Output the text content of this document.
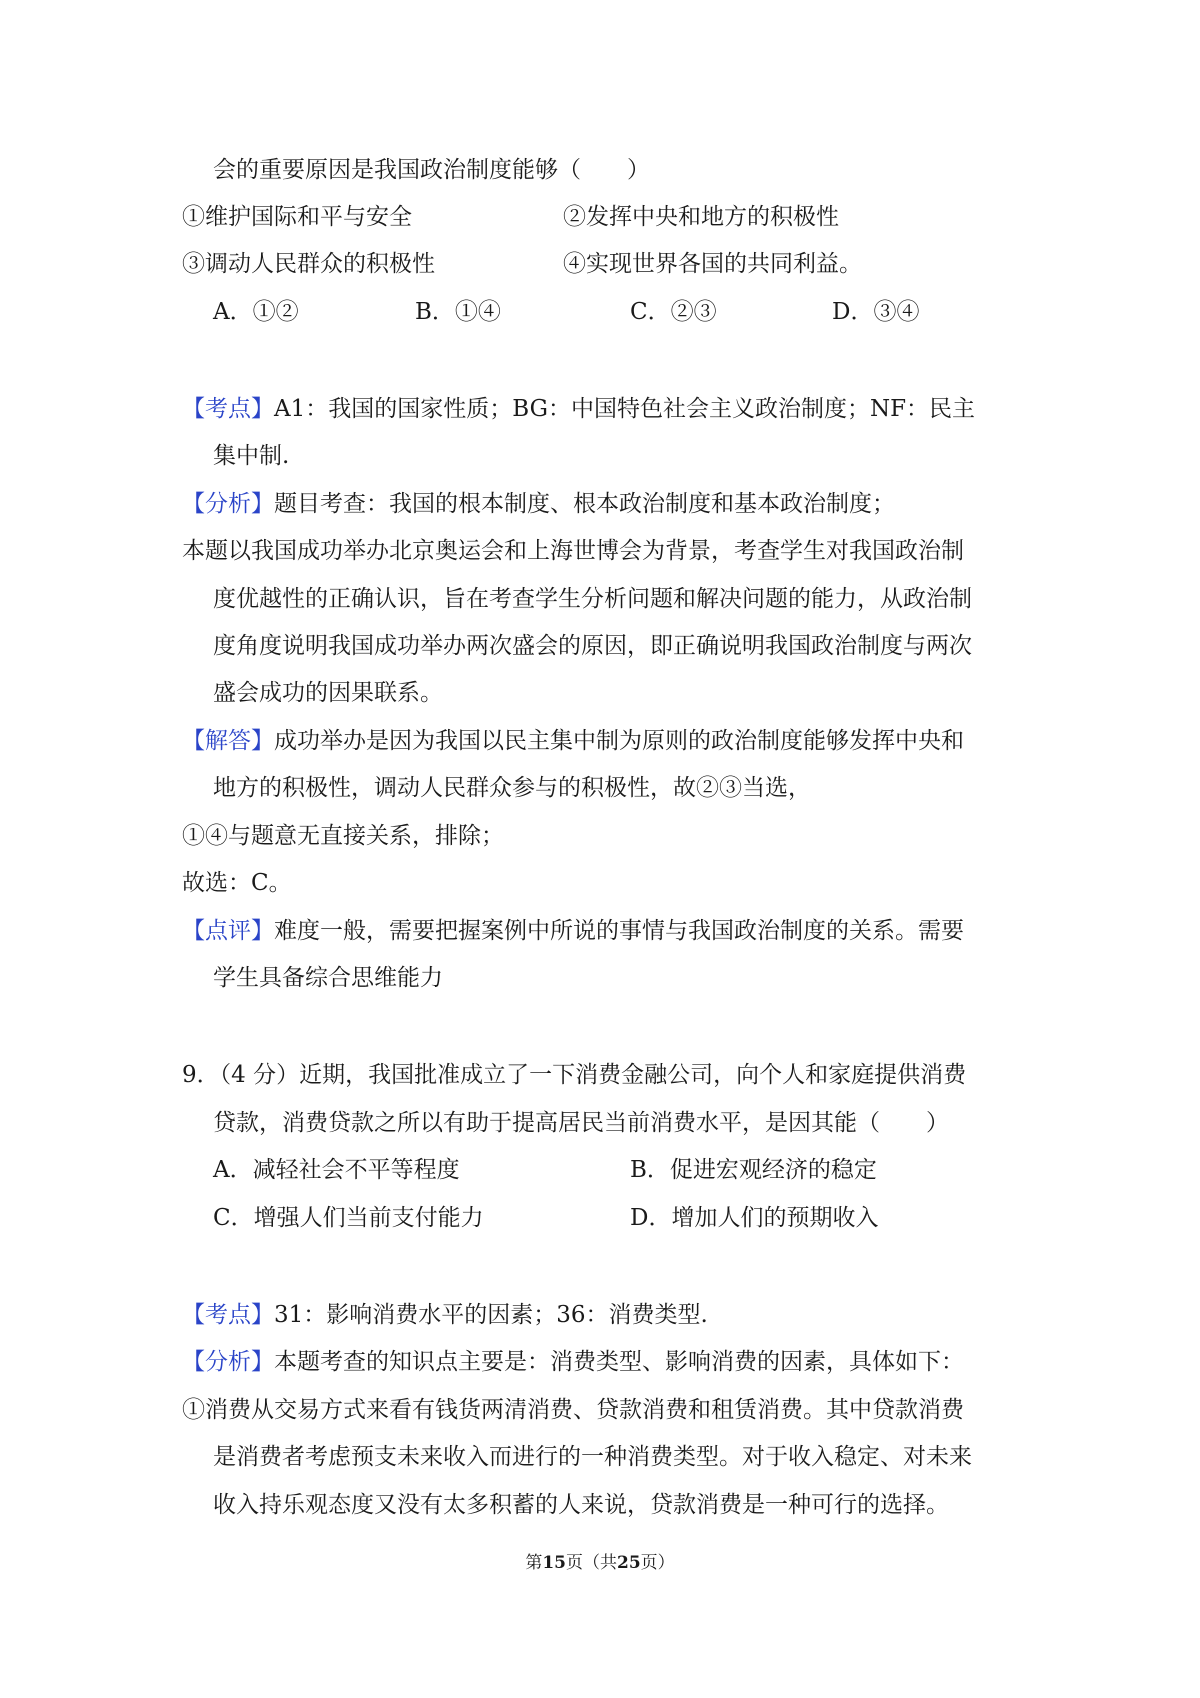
会的重要原因是我国政治制度能够（　　）
①维护国际和平与安全	②发挥中央和地方的积极性
③调动人民群众的积极性	④实现世界各国的共同利益。
A．①②	B．①④	C．②③	D．③④
【考点】A1：我国的国家性质；BG：中国特色社会主义政治制度；NF：民主
集中制.
【分析】题目考查：我国的根本制度、根本政治制度和基本政治制度；
本题以我国成功举办北京奥运会和上海世博会为背景，考查学生对我国政治制
度优越性的正确认识，旨在考查学生分析问题和解决问题的能力，从政治制
度角度说明我国成功举办两次盛会的原因，即正确说明我国政治制度与两次
盛会成功的因果联系。
【解答】成功举办是因为我国以民主集中制为原则的政治制度能够发挥中央和
地方的积极性，调动人民群众参与的积极性，故②③当选，
①④与题意无直接关系，排除；
故选：C。
【点评】难度一般，需要把握案例中所说的事情与我国政治制度的关系。需要
学生具备综合思维能力
9．（4 分）近期，我国批准成立了一下消费金融公司，向个人和家庭提供消费
贷款，消费贷款之所以有助于提高居民当前消费水平，是因其能（　　）
A．减轻社会不平等程度	B．促进宏观经济的稳定
C．增强人们当前支付能力	D．增加人们的预期收入
【考点】31：影响消费水平的因素；36：消费类型.
【分析】本题考查的知识点主要是：消费类型、影响消费的因素，具体如下：
①消费从交易方式来看有钱货两清消费、贷款消费和租赁消费。其中贷款消费
是消费者考虑预支未来收入而进行的一种消费类型。对于收入稳定、对未来
收入持乐观态度又没有太多积蓄的人来说，贷款消费是一种可行的选择。
第15页（共25页）
